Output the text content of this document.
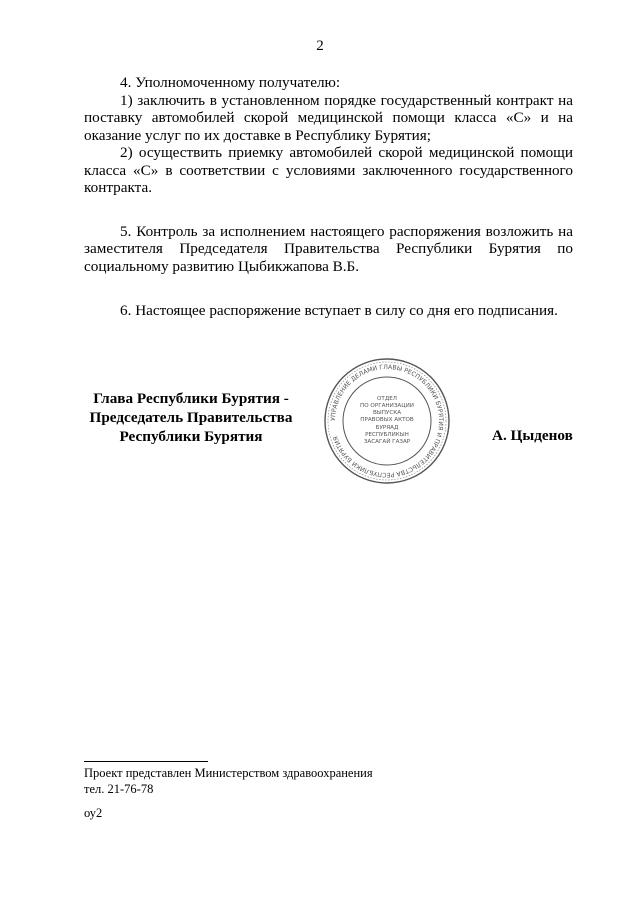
2

4. Уполномоченному получателю:

1) заключить в установленном порядке государственный контракт на поставку автомобилей скорой медицинской помощи класса «С» и на оказание услуг по их доставке в Республику Бурятия;

2) осуществить приемку автомобилей скорой медицинской помощи класса «С» в соответствии с условиями заключенного государственного контракта.

5. Контроль за исполнением настоящего распоряжения возложить на заместителя Председателя Правительства Республики Бурятия по социальному развитию Цыбикжапова В.Б.

6. Настоящее распоряжение вступает в силу со дня его подписания.

Глава Республики Бурятия -
Председатель Правительства
Республики Бурятия
УПРАВЛЕНИЕ ДЕЛАМИ ГЛАВЫ РЕСПУБЛИКИ БУРЯТИЯ И ПРАВИТЕЛЬСТВА РЕСПУБЛИКИ БУРЯТИЯ
ОТДЕЛ
ПО ОРГАНИЗАЦИИ
ВЫПУСКА
ПРАВОВЫХ АКТОВ
БУРЯАД
РЕСПУБЛИКЫН
ЗАСАГАЙ ГАЗАР	А. Цыденов
Проект представлен Министерством здравоохранения
тел. 21-76-78
оу2
